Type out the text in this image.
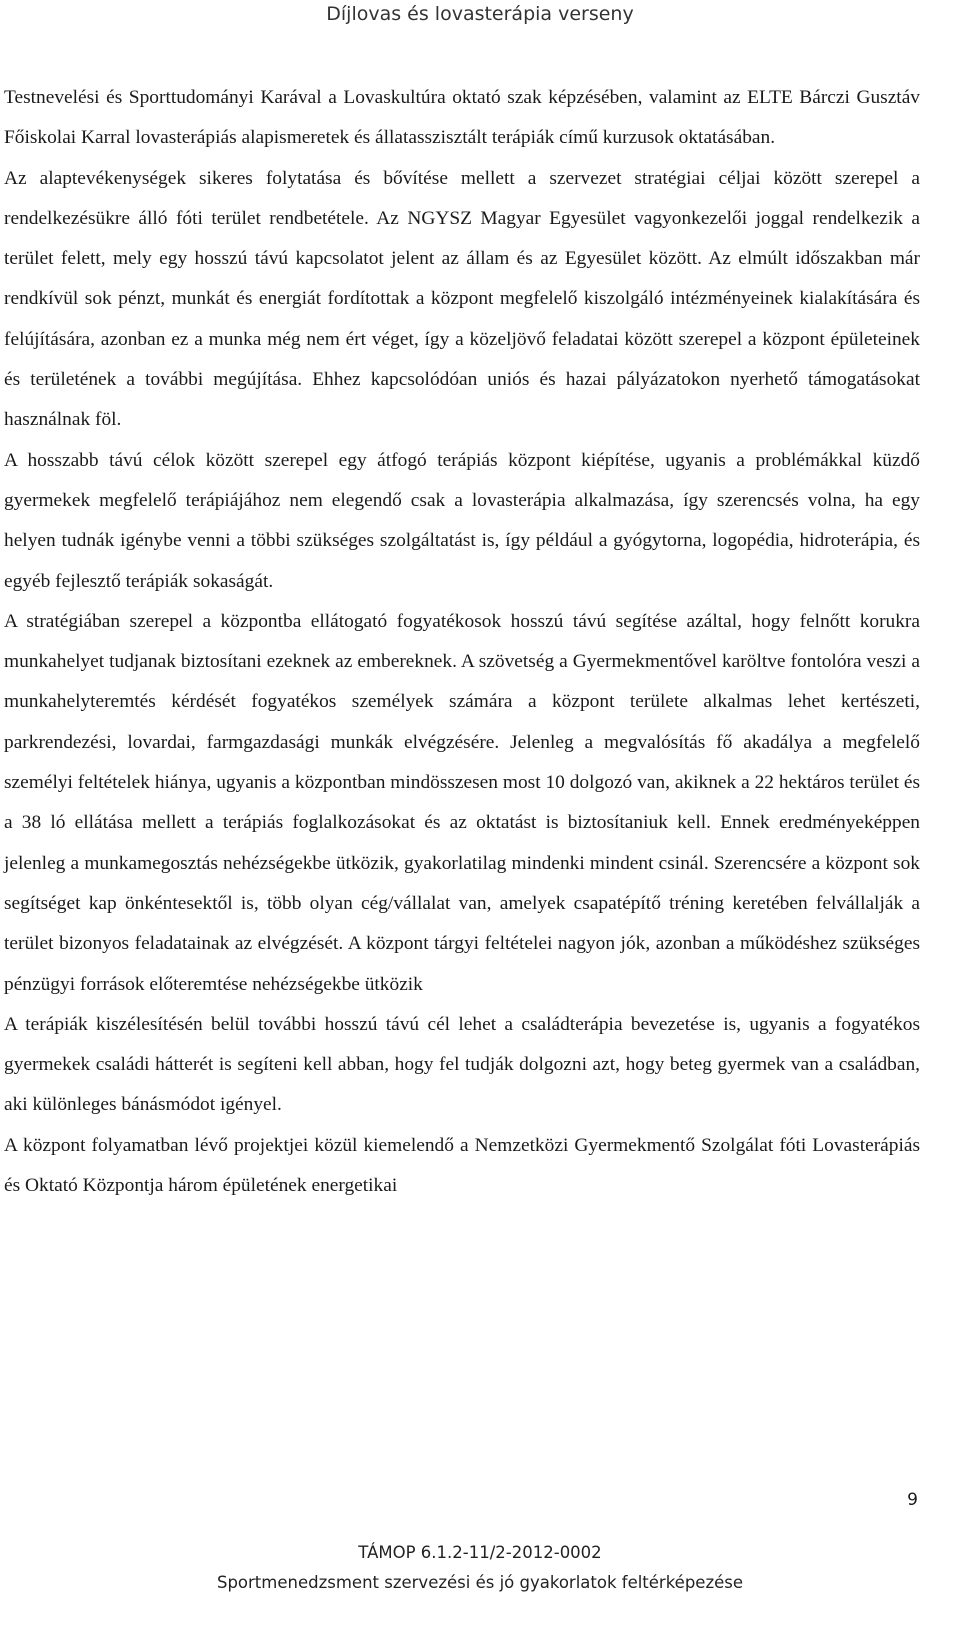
Díjlovas és lovasterápia verseny

Testnevelési és Sporttudományi Karával a Lovaskultúra oktató szak képzésében, valamint az ELTE Bárczi Gusztáv Főiskolai Karral lovasterápiás alapismeretek és állatasszisztált terápiák című kurzusok oktatásában.

Az alaptevékenységek sikeres folytatása és bővítése mellett a szervezet stratégiai céljai között szerepel a rendelkezésükre álló fóti terület rendbetétele. Az NGYSZ Magyar Egyesület vagyonkezelői joggal rendelkezik a terület felett, mely egy hosszú távú kapcsolatot jelent az állam és az Egyesület között. Az elmúlt időszakban már rendkívül sok pénzt, munkát és energiát fordítottak a központ megfelelő kiszolgáló intézményeinek kialakítására és felújítására, azonban ez a munka még nem ért véget, így a közeljövő feladatai között szerepel a központ épületeinek és területének a további megújítása. Ehhez kapcsolódóan uniós és hazai pályázatokon nyerhető támogatásokat használnak föl.

A hosszabb távú célok között szerepel egy átfogó terápiás központ kiépítése, ugyanis a problémákkal küzdő gyermekek megfelelő terápiájához nem elegendő csak a lovasterápia alkalmazása, így szerencsés volna, ha egy helyen tudnák igénybe venni a többi szükséges szolgáltatást is, így például a gyógytorna, logopédia, hidroterápia, és egyéb fejlesztő terápiák sokaságát.

A stratégiában szerepel a központba ellátogató fogyatékosok hosszú távú segítése azáltal, hogy felnőtt korukra munkahelyet tudjanak biztosítani ezeknek az embereknek. A szövetség a Gyermekmentővel karöltve fontolóra veszi a munkahelyteremtés kérdését fogyatékos személyek számára a központ területe alkalmas lehet kertészeti, parkrendezési, lovardai, farmgazdasági munkák elvégzésére. Jelenleg a megvalósítás fő akadálya a megfelelő személyi feltételek hiánya, ugyanis a központban mindösszesen most 10 dolgozó van, akiknek a 22 hektáros terület és a 38 ló ellátása mellett a terápiás foglalkozásokat és az oktatást is biztosítaniuk kell. Ennek eredményeképpen jelenleg a munkamegosztás nehézségekbe ütközik, gyakorlatilag mindenki mindent csinál. Szerencsére a központ sok segítséget kap önkéntesektől is, több olyan cég/vállalat van, amelyek csapatépítő tréning keretében felvállalják a terület bizonyos feladatainak az elvégzését. A központ tárgyi feltételei nagyon jók, azonban a működéshez szükséges pénzügyi források előteremtése nehézségekbe ütközik

A terápiák kiszélesítésén belül további hosszú távú cél lehet a családterápia bevezetése is, ugyanis a fogyatékos gyermekek családi hátterét is segíteni kell abban, hogy fel tudják dolgozni azt, hogy beteg gyermek van a családban, aki különleges bánásmódot igényel.

A központ folyamatban lévő projektjei közül kiemelendő a Nemzetközi Gyermekmentő Szolgálat fóti Lovasterápiás és Oktató Központja három épületének energetikai

9
TÁMOP 6.1.2-11/2-2012-0002
Sportmenedzsment szervezési és jó gyakorlatok feltérképezése
